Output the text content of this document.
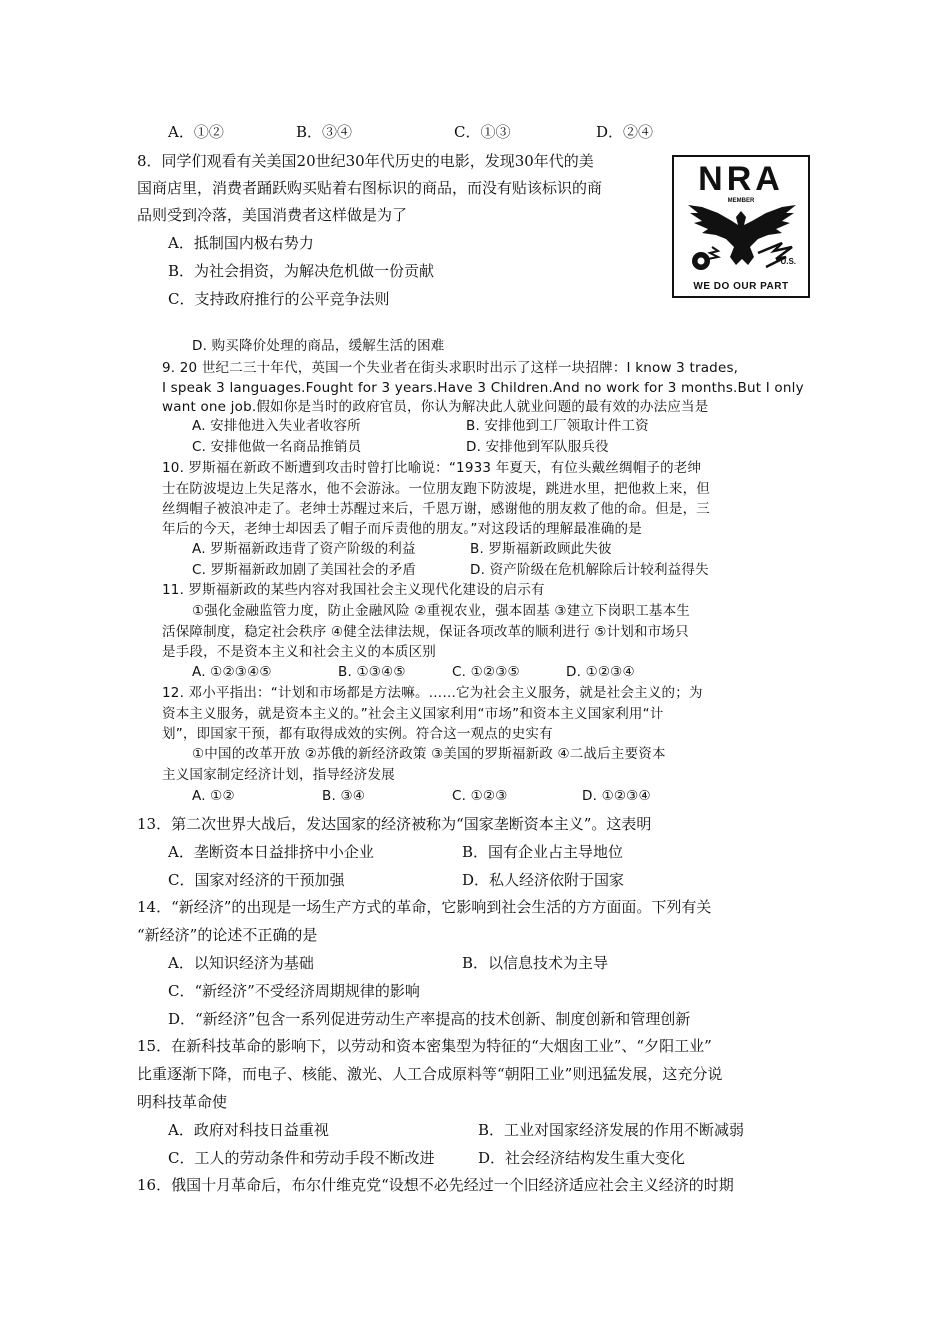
A．①②	B．③④	C．①③	D．②④
8．同学们观看有关美国20世纪30年代历史的电影，发现30年代的美
国商店里，消费者踊跃购买贴着右图标识的商品，而没有贴该标识的商
品则受到冷落，美国消费者这样做是为了
A．抵制国内极右势力
B．为社会捐资，为解决危机做一份贡献
C．支持政府推行的公平竞争法则
D. 购买降价处理的商品，缓解生活的困难
NRA
MEMBER
U.S.
WE DO OUR PART
9. 20 世纪二三十年代，英国一个失业者在街头求职时出示了这样一块招牌：I know 3 trades,
I speak 3 languages.Fought for 3 years.Have 3 Children.And no work for 3 months.But I only
want one job.假如你是当时的政府官员，你认为解决此人就业问题的最有效的办法应当是
A. 安排他进入失业者收容所	B. 安排他到工厂领取计件工资
C. 安排他做一名商品推销员	D. 安排他到军队服兵役
10. 罗斯福在新政不断遭到攻击时曾打比喻说：“1933 年夏天，有位头戴丝绸帽子的老绅
士在防波堤边上失足落水，他不会游泳。一位朋友跑下防波堤，跳进水里，把他救上来，但
丝绸帽子被浪冲走了。老绅士苏醒过来后，千恩万谢，感谢他的朋友救了他的命。但是，三
年后的今天，老绅士却因丢了帽子而斥责他的朋友。”对这段话的理解最准确的是
A. 罗斯福新政违背了资产阶级的利益	B. 罗斯福新政顾此失彼
C. 罗斯福新政加剧了美国社会的矛盾	D. 资产阶级在危机解除后计较利益得失
11. 罗斯福新政的某些内容对我国社会主义现代化建设的启示有
①强化金融监管力度，防止金融风险 ②重视农业，强本固基 ③建立下岗职工基本生
活保障制度，稳定社会秩序 ④健全法律法规，保证各项改革的顺利进行 ⑤计划和市场只
是手段，不是资本主义和社会主义的本质区别
A. ①②③④⑤	B. ①③④⑤	C. ①②③⑤	D. ①②③④
12. 邓小平指出：“计划和市场都是方法嘛。……它为社会主义服务，就是社会主义的；为
资本主义服务，就是资本主义的。”社会主义国家利用“市场”和资本主义国家利用“计
划”，即国家干预，都有取得成效的实例。符合这一观点的史实有
①中国的改革开放 ②苏俄的新经济政策 ③美国的罗斯福新政 ④二战后主要资本
主义国家制定经济计划，指导经济发展
A. ①②	B. ③④	C. ①②③	D. ①②③④
13．第二次世界大战后，发达国家的经济被称为“国家垄断资本主义”。这表明
A．垄断资本日益排挤中小企业	B．国有企业占主导地位
C．国家对经济的干预加强	D．私人经济依附于国家
14．“新经济”的出现是一场生产方式的革命，它影响到社会生活的方方面面。下列有关
“新经济”的论述不正确的是
A．以知识经济为基础	B．以信息技术为主导
C．“新经济”不受经济周期规律的影响
D．“新经济”包含一系列促进劳动生产率提高的技术创新、制度创新和管理创新
15．在新科技革命的影响下，以劳动和资本密集型为特征的“大烟囱工业”、“夕阳工业”
比重逐渐下降，而电子、核能、激光、人工合成原料等“朝阳工业”则迅猛发展，这充分说
明科技革命使
A．政府对科技日益重视	B．工业对国家经济发展的作用不断减弱
C．工人的劳动条件和劳动手段不断改进	D．社会经济结构发生重大变化
16．俄国十月革命后，布尔什维克党“设想不必先经过一个旧经济适应社会主义经济的时期
